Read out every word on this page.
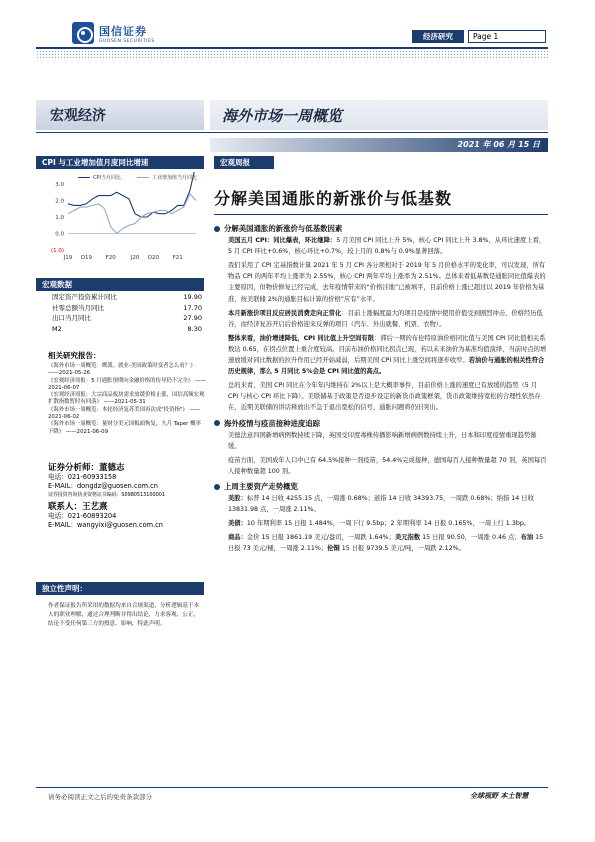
国信证券
GUOSEN SECURITIES	经济研究	Page 1
宏观经济	海外市场一周概览
2021 年 06 月 15 日
CPI 与工业增加值月度同比增速
CPI当月同比	工业增加值当月同比
3.0
2.0
1.0
0.0
(1.0)
J19 O19 F20	J20 O20 F21
宏观数据
固定资产投资累计同比	19.90
社零总额当月同比	17.70
出口当月同比	27.90
M2	8.30
相关研究报告：
《海外市场一周概览：鹰派、就业-美国政策时变者怎么看？》 ——2021-05-26
《宏观经济周报：5 月通胀预期向金融价格的传导仍不完全》 ——2021-06-07
《宏观经济周报：大宗商品板块需求放缓价格止涨，国信高频宏观扩散指数暂时有回落》 ——2021-05-31
《海外市场一周概览：本轮经济复苏美国再次成"投资指"》 ——2021-06-02
《海外市场一周概览：量财分美元国板面恢复，九月 Taper 概率下降》 ——2021-06-09
证券分析师：董德志
电话：021-60933158
E-MAIL：dongdz@guosen.com.cn
证券投资咨询执业资格证书编码：S0980513100001
联系人：王艺熹
电话：021-60893204
E-MAIL：wangyixi@guosen.com.cn
独立性声明：
作者保证报告所采用的数据均来自合规渠道，分析逻辑基于本人的职业理解，通过合理判断并得出结论，力求客观、公正，结论不受任何第三方的授意、影响，特此声明。
宏观周报
分解美国通胀的新涨价与低基数
分解美国通胀的新涨价与低基数因素
美国五月 CPI：同比爆表，环比继降：5 月美国 CPI 同比上升 5%，核心 CPI 同比上升 3.8%，从环比速度上看，5 月 CPI 环比+0.6%，核心环比+0.7%，较上月的 0.8%与 0.9%显著回落。
我们采用了 CPI 定基指数计算 2021 年 5 月 CPI 各分项相对于 2019 年 5 月价格水平的变化率，可以发现，所有物品 CPI 的两年平均上涨率为 2.55%，核心 CPI 两年平均上涨率为 2.51%。总体来看低基数是通胀同比值爆表的主要原因，但物价修复已经完成，去年疫情带来的“价格洼地”已被填平，目前价格上涨已超过以 2019 年价格为基准，按美联储 2%的通胀目标计算的价格“应有”水平。
本月新涨价项目反应居民消费走向正常化：目前上涨幅度最大的项目是疫情中使用价值受到剧烈冲击，价格经历低谷，而经济复苏开启后价格迎来反弹的项目（汽车、外出就餐、机票、衣物）。
整体来看，油价增速降低，CPI 同比值上升空间有限：滞后一期的布伦特原油价格同比值与美国 CPI 同比值相关系数达 0.65，在拐点位置上重合度较高。目前布油价格同比拐点已现，若以未来油价为基准均值演绎，当前时点的增速放缓对同比数据的拉升作用已经开始减弱，后期美国 CPI 同比上涨空间将逐步收窄。若油价与通胀的相关性符合历史规律，那么 5 月同比 5%会是 CPI 同比值的高点。
总的来看，美国 CPI 同比在今年年内维持在 2%以上是大概率事件，目前价格上涨的速度已有放缓的趋势（5 月 CPI 与核心 CPI 环比下降）。美联储基于政策是否退步设定的新货币政策框架，货币政策维持宽松的合理性依然存在，近期美联储的讲话释放出不急于退出宽松的信号，通胀问题将仍旧突出。
海外疫情与疫苗接种进度追踪
美德法意四国新增病例数持续下降，英国受印度毒株传播影响新增病例数持续上升，日本和印度疫情重现趋势渐缓。
疫苗方面，美国成年人口中已有 64.5%接种一剂疫苗，54.4%完成接种，德国每百人接种数量超 70 剂，英国每百人接种数量超 100 剂。
上周主要资产走势概览
美股：标普 14 日收 4255.15 点，一周涨 0.68%；道指 14 日收 34393.75，一周跌 0.68%；纳指 14 日收 13831.98 点，一周涨 2.11%。
美债：10 年期利率 15 日报 1.484%，一周下行 9.5bp；2 年期利率 14 日报 0.165%，一周上行 1.3bp。
商品：金价 15 日报 1861.19 美元/盎司，一周跌 1.64%；美元指数 15 日报 90.50，一周涨 0.46 点；布油 15 日报 73 美元/桶，一周涨 2.11%；伦铜 15 日报 9739.5 美元/吨，一周跌 2.12%。
请务必阅读正文之后的免责条款部分	全球视野 本土智慧
